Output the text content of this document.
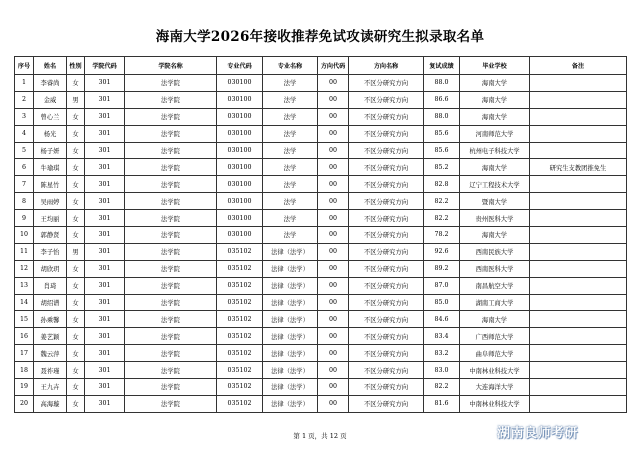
海南大学2026年接收推荐免试攻读研究生拟录取名单
序号	姓名	性别	学院代码	学院名称	专业代码	专业名称	方向代码	方向名称	复试成绩	毕业学校	备注
1	李睿尚	女	301	法学院	030100	法学	00	不区分研究方向	88.0	海南大学	
2	金威	男	301	法学院	030100	法学	00	不区分研究方向	86.6	海南大学	
3	曾心兰	女	301	法学院	030100	法学	00	不区分研究方向	88.0	海南大学	
4	杨光	女	301	法学院	030100	法学	00	不区分研究方向	85.6	河南师范大学	
5	杨子妍	女	301	法学院	030100	法学	00	不区分研究方向	85.6	杭州电子科技大学	
6	牛瑜琪	女	301	法学院	030100	法学	00	不区分研究方向	85.2	海南大学	研究生支教团推免生
7	陈星竹	女	301	法学院	030100	法学	00	不区分研究方向	82.8	辽宁工程技术大学	
8	吴雨婷	女	301	法学院	030100	法学	00	不区分研究方向	82.2	暨南大学	
9	王均丽	女	301	法学院	030100	法学	00	不区分研究方向	82.2	贵州医科大学	
10	郭静贤	女	301	法学院	030100	法学	00	不区分研究方向	78.2	海南大学	
11	李子怡	男	301	法学院	035102	法律（法学）	00	不区分研究方向	92.6	西南民族大学	
12	胡欣玥	女	301	法学院	035102	法律（法学）	00	不区分研究方向	89.2	西南医科大学	
13	肖琦	女	301	法学院	035102	法律（法学）	00	不区分研究方向	87.0	南昌航空大学	
14	胡绍谱	女	301	法学院	035102	法律（法学）	00	不区分研究方向	85.0	湖南工商大学	
15	孙乘馨	女	301	法学院	035102	法律（法学）	00	不区分研究方向	84.6	海南大学	
16	姜艺颖	女	301	法学院	035102	法律（法学）	00	不区分研究方向	83.4	广西师范大学	
17	魏云萍	女	301	法学院	035102	法律（法学）	00	不区分研究方向	83.2	曲阜师范大学	
18	聂祚瑾	女	301	法学院	035102	法律（法学）	00	不区分研究方向	83.0	中南林业科技大学	
19	王九卉	女	301	法学院	035102	法律（法学）	00	不区分研究方向	82.2	大连海洋大学	
20	高海璇	女	301	法学院	035102	法律（法学）	00	不区分研究方向	81.6	中南林业科技大学	
第 1 页，共 12 页	湖南良师考研
